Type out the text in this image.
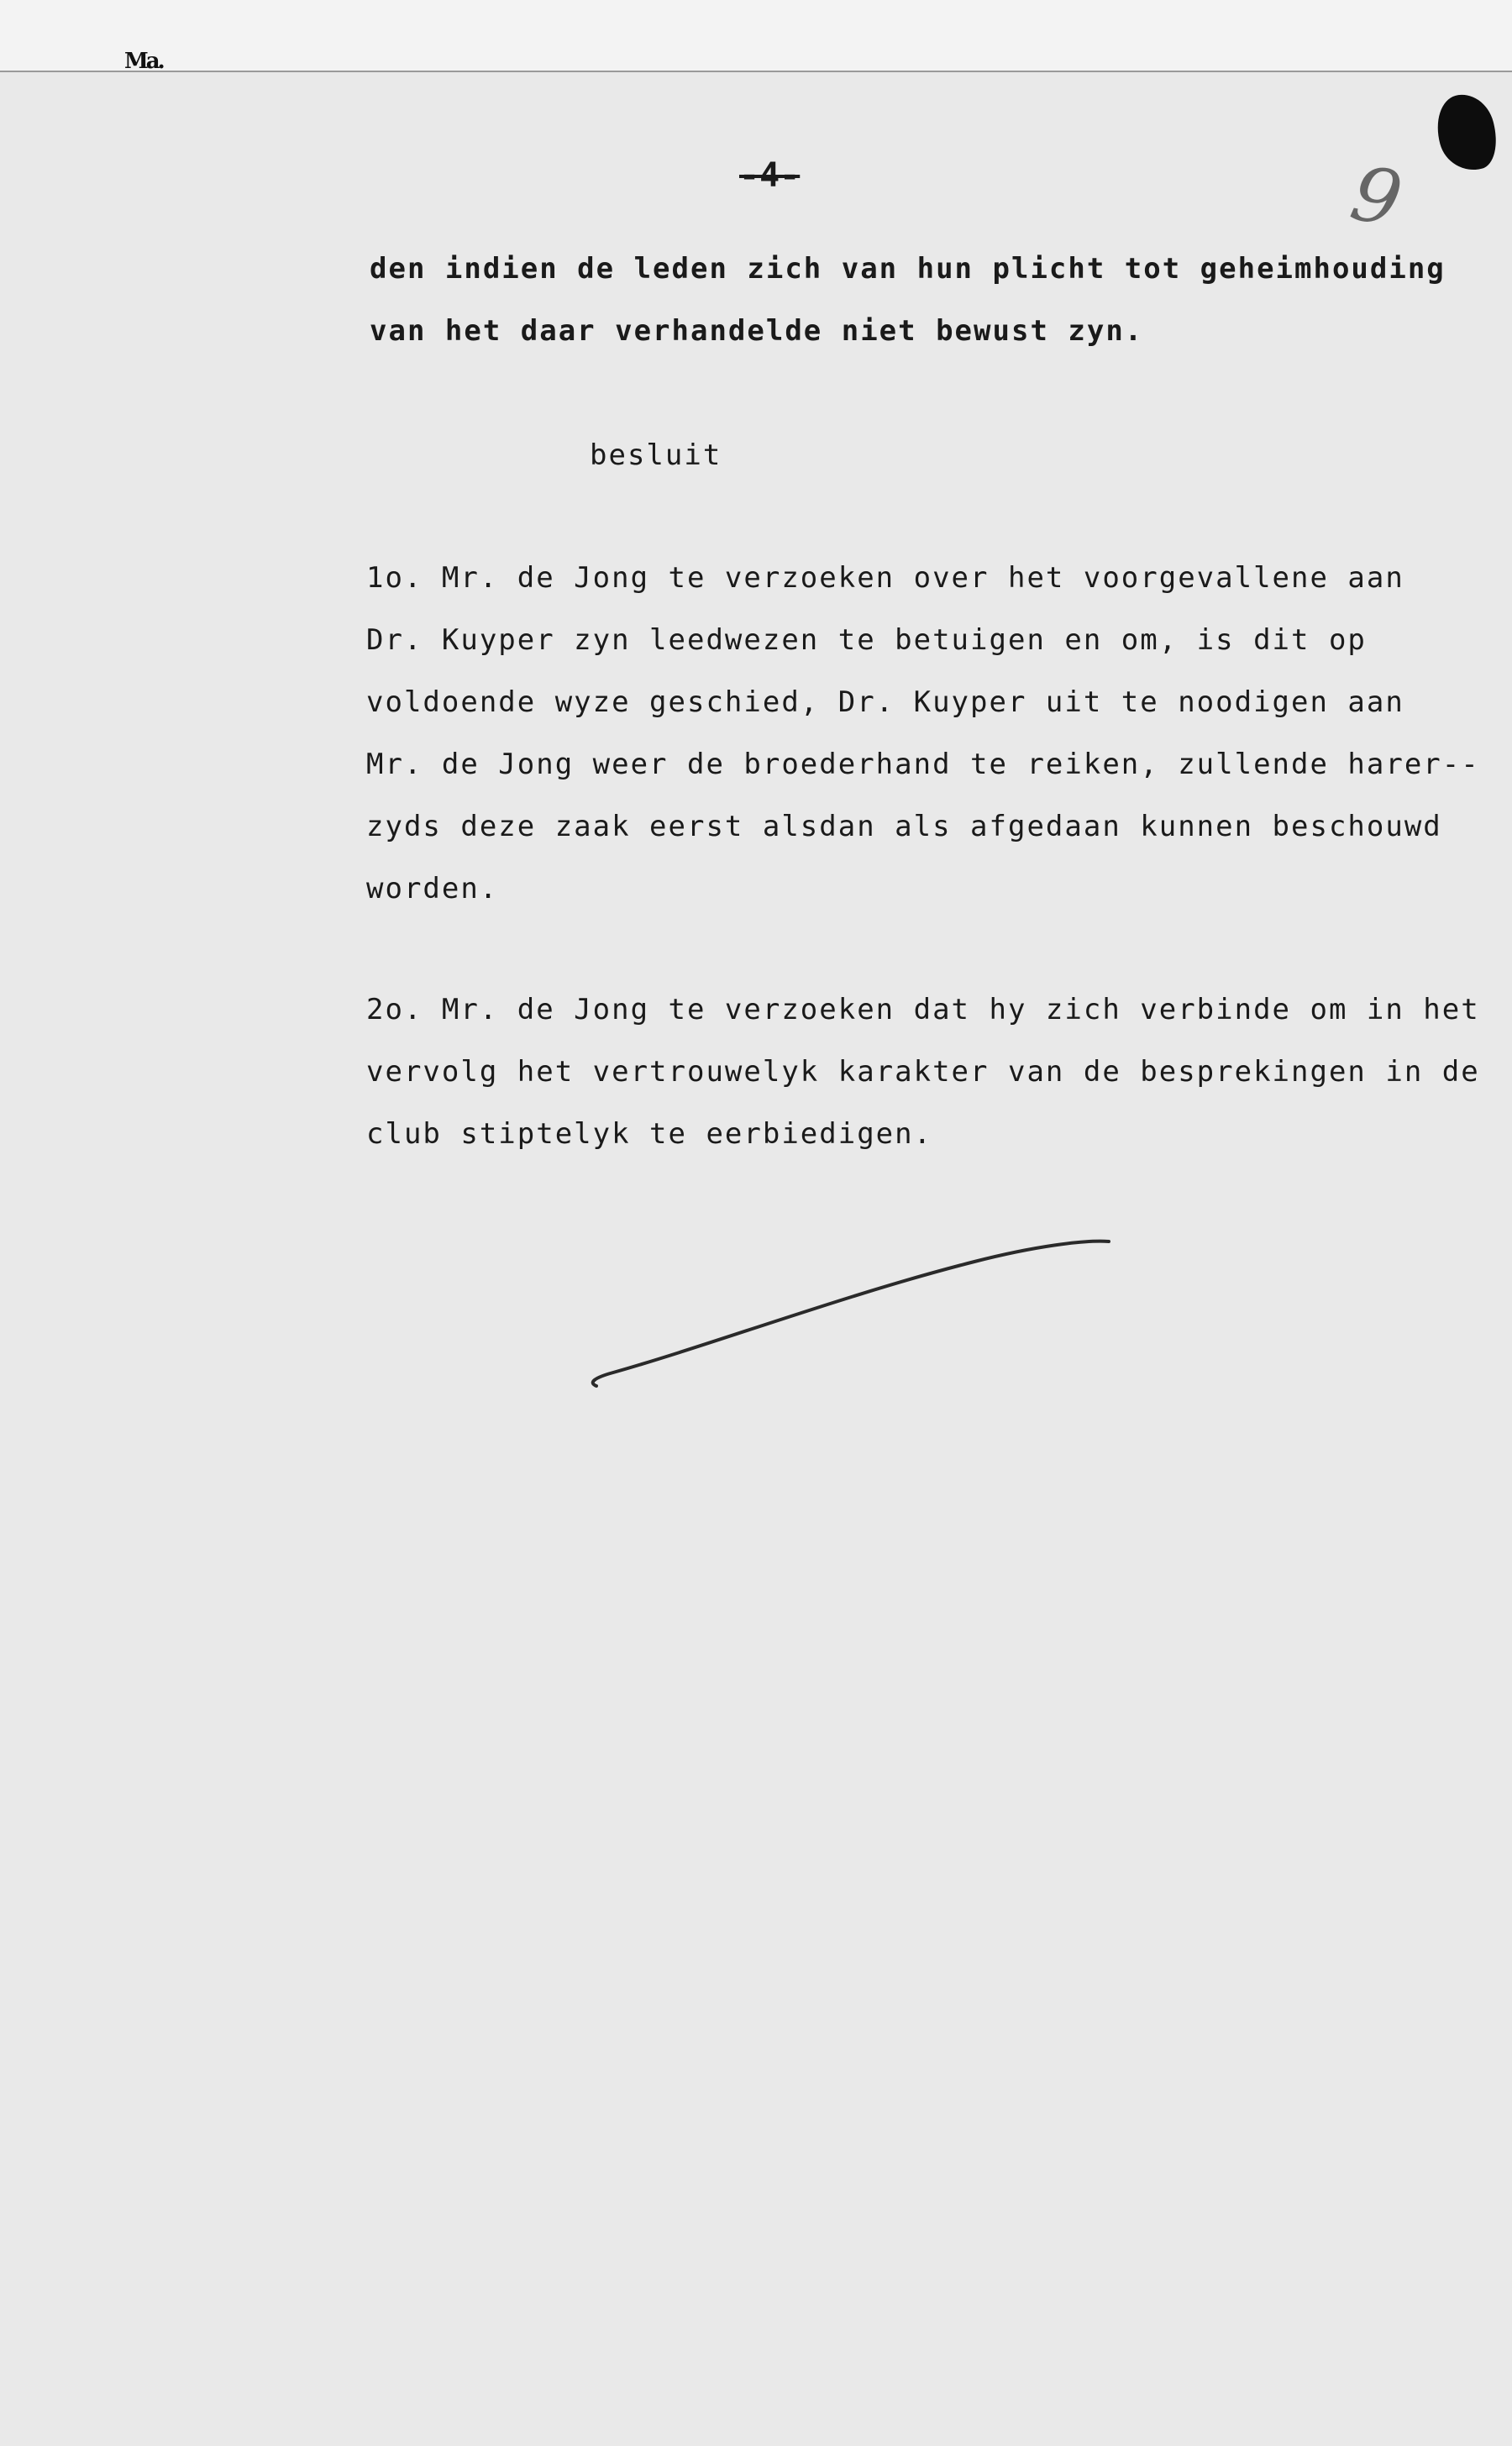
Ma.
-4-	9
den indien de leden zich van hun plicht tot geheimhouding
van het daar verhandelde niet bewust zyn.
besluit
1o. Mr. de Jong te verzoeken over het voorgevallene aan
Dr. Kuyper zyn leedwezen te betuigen en om, is dit op
voldoende wyze geschied, Dr. Kuyper uit te noodigen aan
Mr. de Jong weer de broederhand te reiken, zullende harer--
zyds deze zaak eerst alsdan als afgedaan kunnen beschouwd
worden.
2o. Mr. de Jong te verzoeken dat hy zich verbinde om in het
vervolg het vertrouwelyk karakter van de besprekingen in de
club stiptelyk te eerbiedigen.
